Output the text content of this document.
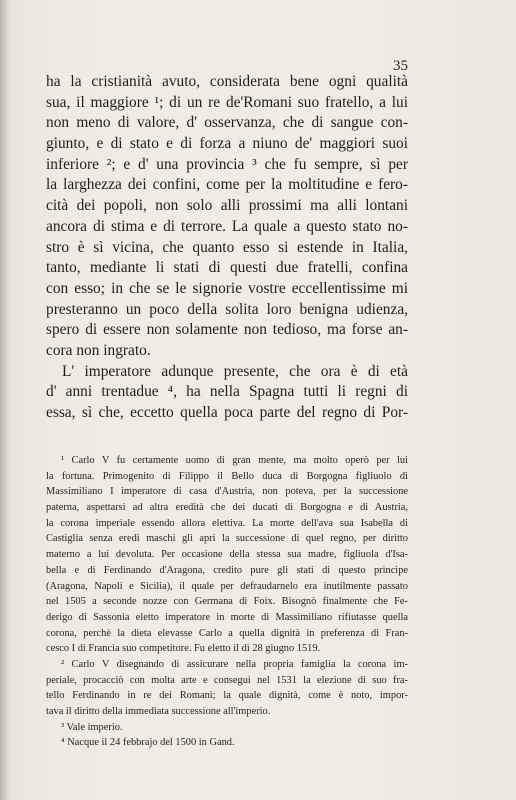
35
ha la cristianità avuto, considerata bene ogni qualità
sua, il maggiore ¹; di un re de'Romani suo fratello, a lui
non meno di valore, d' osservanza, che di sangue con-
giunto, e di stato e di forza a niuno de' maggiori suoi
inferiore ²; e d' una provincia ³ che fu sempre, sì per
la larghezza dei confini, come per la moltitudine e fero-
cità dei popoli, non solo alli prossimi ma alli lontani
ancora di stima e di terrore. La quale a questo stato no-
stro è sì vicina, che quanto esso si estende in Italia,
tanto, mediante li stati di questi due fratelli, confina
con esso; in che se le signorie vostre eccellentissime mi
presteranno un poco della solita loro benigna udienza,
spero di essere non solamente non tedioso, ma forse an-
cora non ingrato.
L' imperatore adunque presente, che ora è di età
d' anni trentadue ⁴, ha nella Spagna tutti li regni di
essa, sì che, eccetto quella poca parte del regno di Por-
¹ Carlo V fu certamente uomo di gran mente, ma molto operò per lui
la fortuna. Primogenito di Filippo il Bello duca di Borgogna figliuolo di
Massimiliano I imperatore di casa d'Austria, non poteva, per la successione
paterna, aspettarsi ad altra eredità che dei ducati di Borgogna e di Austria,
la corona imperiale essendo allora elettiva. La morte dell'ava sua Isabella di
Castiglia senza eredi maschi gli aprì la successione di quel regno, per diritto
materno a lui devoluta. Per occasione della stessa sua madre, figliuola d'Isa-
bella e di Ferdinando d'Aragona, credito pure gli stati di questo principe
(Aragona, Napoli e Sicilia), il quale per defraudarnelo era inutilmente passato
nel 1505 a seconde nozze con Germana di Foix. Bisognò finalmente che Fe-
derigo di Sassonia eletto imperatore in morte di Massimiliano rifiutasse quella
corona, perchè la dieta elevasse Carlo a quella dignità in preferenza di Fran-
cesco I di Francia suo competitore. Fu eletto il dì 28 giugno 1519.
² Carlo V disegnando di assicurare nella propria famiglia la corona im-
periale, procacciò con molta arte e conseguì nel 1531 la elezione di suo fra-
tello Ferdinando in re dei Romani; la quale dignità, come è noto, impor-
tava il diritto della immediata successione all'imperio.
³ Vale imperio.
⁴ Nacque il 24 febbrajo del 1500 in Gand.
